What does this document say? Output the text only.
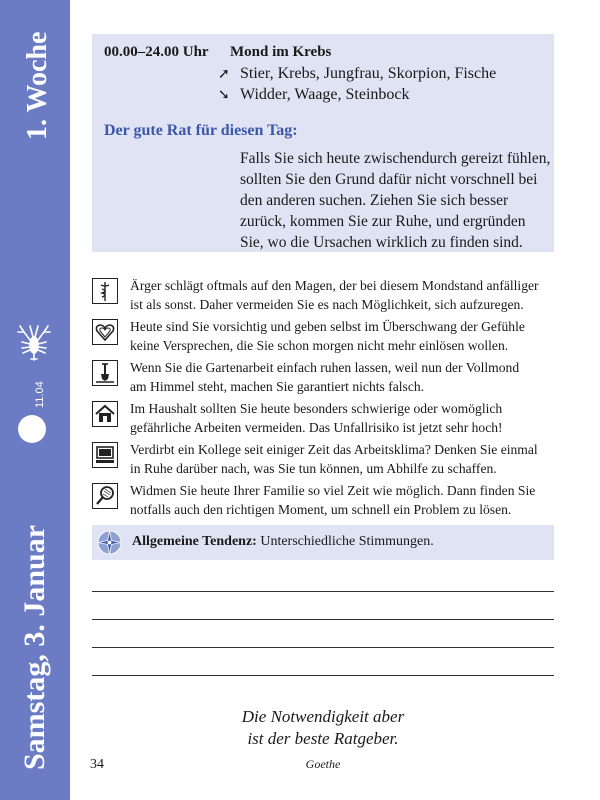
1. Woche
11.04
Samstag, 3. Januar
00.00–24.00 Uhr Mond im Krebs
➚ Stier, Krebs, Jungfrau, Skorpion, Fische
➘ Widder, Waage, Steinbock
Der gute Rat für diesen Tag:
Falls Sie sich heute zwischendurch gereizt fühlen,
sollten Sie den Grund dafür nicht vorschnell bei
den anderen suchen. Ziehen Sie sich besser
zurück, kommen Sie zur Ruhe, und ergründen
Sie, wo die Ursachen wirklich zu finden sind.
Ärger schlägt oftmals auf den Magen, der bei diesem Mondstand anfälliger
ist als sonst. Daher vermeiden Sie es nach Möglichkeit, sich aufzuregen.
Heute sind Sie vorsichtig und geben selbst im Überschwang der Gefühle
keine Versprechen, die Sie schon morgen nicht mehr einlösen wollen.
Wenn Sie die Gartenarbeit einfach ruhen lassen, weil nun der Vollmond
am Himmel steht, machen Sie garantiert nichts falsch.
Im Haushalt sollten Sie heute besonders schwierige oder womöglich
gefährliche Arbeiten vermeiden. Das Unfallrisiko ist jetzt sehr hoch!
Verdirbt ein Kollege seit einiger Zeit das Arbeitsklima? Denken Sie einmal
in Ruhe darüber nach, was Sie tun können, um Abhilfe zu schaffen.
Widmen Sie heute Ihrer Familie so viel Zeit wie möglich. Dann finden Sie
notfalls auch den richtigen Moment, um schnell ein Problem zu lösen.
Allgemeine Tendenz: Unterschiedliche Stimmungen.
Die Notwendigkeit aber
ist der beste Ratgeber.
Goethe
34
